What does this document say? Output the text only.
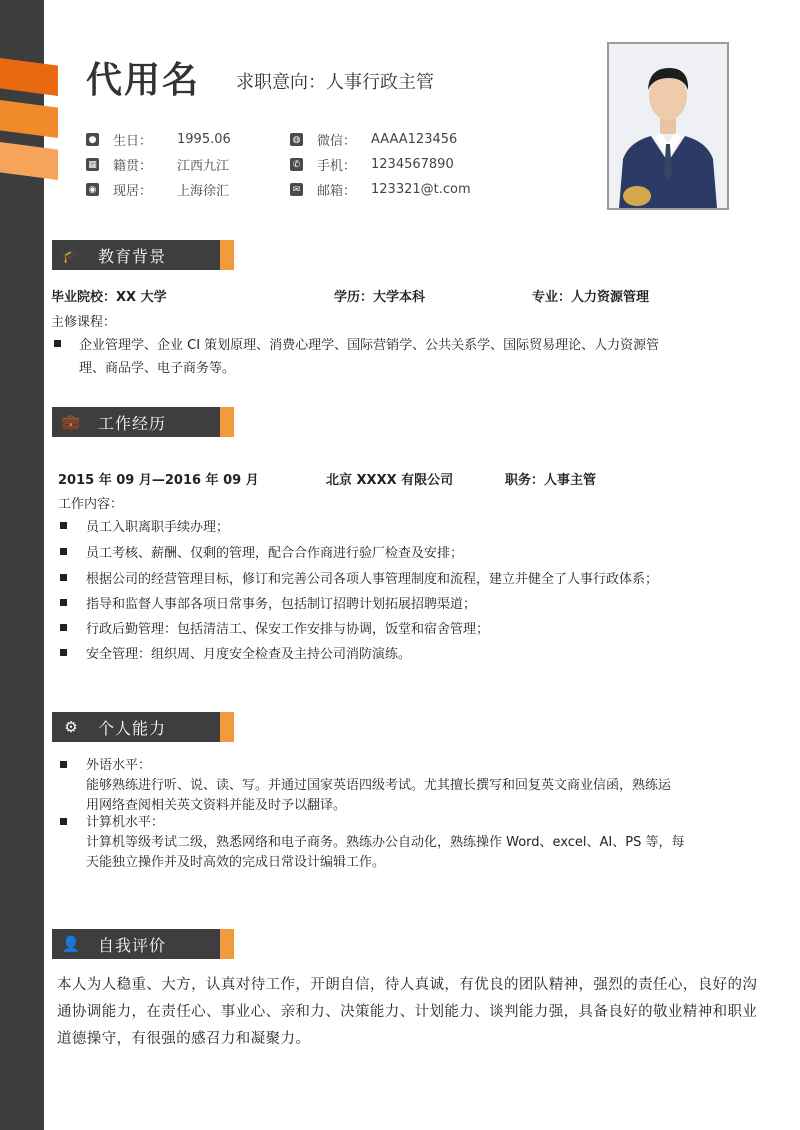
代用名 求职意向：人事行政主管
● 生日：	1995.06
▦ 籍贯：	江西九江
◉ 现居：	上海徐汇
◍ 微信：	AAAA123456
✆ 手机：	1234567890
✉ 邮箱：	123321@t.com
🎓 教育背景
毕业院校：XX 大学	学历：大学本科	专业：人力资源管理
主修课程：
企业管理学、企业 CI 策划原理、消费心理学、国际营销学、公共关系学、国际贸易理论、人力资源管
理、商品学、电子商务等。
💼 工作经历
2015 年 09 月—2016 年 09 月	北京 XXXX 有限公司	职务：人事主管
工作内容：
员工入职离职手续办理；
员工考核、薪酬、仅剩的管理，配合合作商进行验厂检查及安排；
根据公司的经营管理目标，修订和完善公司各项人事管理制度和流程，建立并健全了人事行政体系；
指导和监督人事部各项日常事务，包括制订招聘计划拓展招聘渠道；
行政后勤管理：包括清洁工、保安工作安排与协调，饭堂和宿舍管理；
安全管理：组织周、月度安全检查及主持公司消防演练。
⚙ 个人能力
外语水平：
能够熟练进行听、说、读、写。并通过国家英语四级考试。尤其擅长撰写和回复英文商业信函，熟练运
用网络查阅相关英文资料并能及时予以翻译。
计算机水平：
计算机等级考试二级，熟悉网络和电子商务。熟练办公自动化，熟练操作 Word、excel、AI、PS 等，每
天能独立操作并及时高效的完成日常设计编辑工作。
👤 自我评价
本人为人稳重、大方，认真对待工作，开朗自信，待人真诚，有优良的团队精神，强烈的责任心，良好的沟通协调能力，在责任心、事业心、亲和力、决策能力、计划能力、谈判能力强，具备良好的敬业精神和职业道德操守，有很强的感召力和凝聚力。
